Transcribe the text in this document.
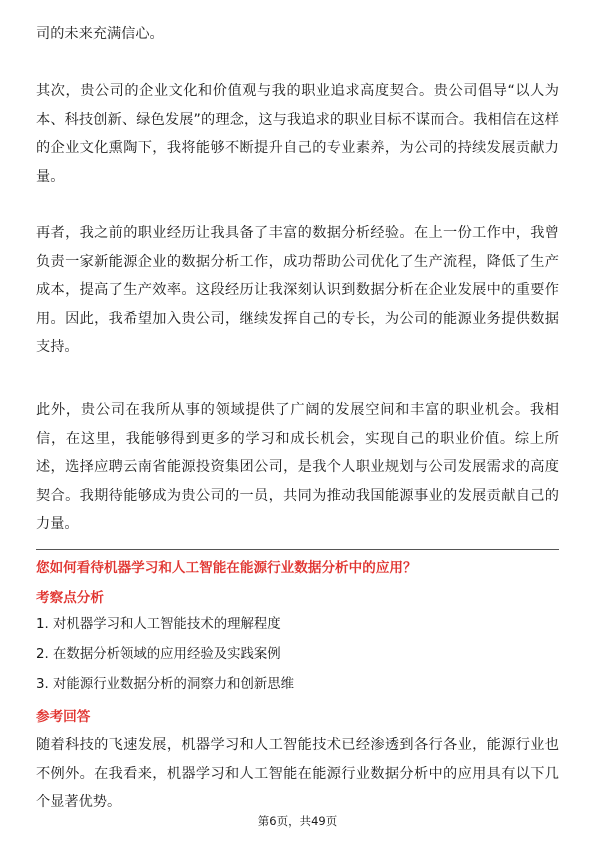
司的未来充满信心。

其次，贵公司的企业文化和价值观与我的职业追求高度契合。贵公司倡导“以人为本、科技创新、绿色发展”的理念，这与我追求的职业目标不谋而合。我相信在这样的企业文化熏陶下，我将能够不断提升自己的专业素养，为公司的持续发展贡献力量。

再者，我之前的职业经历让我具备了丰富的数据分析经验。在上一份工作中，我曾负责一家新能源企业的数据分析工作，成功帮助公司优化了生产流程，降低了生产成本，提高了生产效率。这段经历让我深刻认识到数据分析在企业发展中的重要作用。因此，我希望加入贵公司，继续发挥自己的专长，为公司的能源业务提供数据支持。

此外，贵公司在我所从事的领域提供了广阔的发展空间和丰富的职业机会。我相信，在这里，我能够得到更多的学习和成长机会，实现自己的职业价值。综上所述，选择应聘云南省能源投资集团公司，是我个人职业规划与公司发展需求的高度契合。我期待能够成为贵公司的一员，共同为推动我国能源事业的发展贡献自己的力量。

您如何看待机器学习和人工智能在能源行业数据分析中的应用？

考察点分析

1. 对机器学习和人工智能技术的理解程度

2. 在数据分析领域的应用经验及实践案例

3. 对能源行业数据分析的洞察力和创新思维

参考回答

随着科技的飞速发展，机器学习和人工智能技术已经渗透到各行各业，能源行业也不例外。在我看来，机器学习和人工智能在能源行业数据分析中的应用具有以下几个显著优势。

第6页，共49页
